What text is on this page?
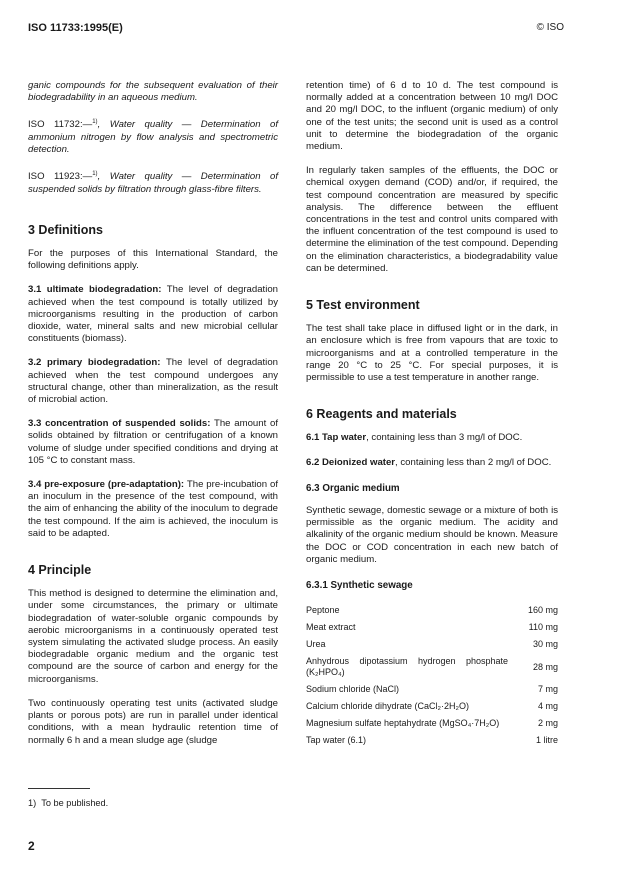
ISO 11733:1995(E)	© ISO

ganic compounds for the subsequent evaluation of their biodegradability in an aqueous medium.

ISO 11732:—$^{1)}$, Water quality — Determination of ammonium nitrogen by flow analysis and spectrometric detection.

ISO 11923:—$^{1)}$, Water quality — Determination of suspended solids by filtration through glass-fibre filters.

3 Definitions

For the purposes of this International Standard, the following definitions apply.

3.1 ultimate biodegradation: The level of degradation achieved when the test compound is totally utilized by microorganisms resulting in the production of carbon dioxide, water, mineral salts and new microbial cellular constituents (biomass).

3.2 primary biodegradation: The level of degradation achieved when the test compound undergoes any structural change, other than mineralization, as the result of microbial action.

3.3 concentration of suspended solids: The amount of solids obtained by filtration or centrifugation of a known volume of sludge under specified conditions and drying at 105 °C to constant mass.

3.4 pre-exposure (pre-adaptation): The pre-incubation of an inoculum in the presence of the test compound, with the aim of enhancing the ability of the inoculum to degrade the test compound. If the aim is achieved, the inoculum is said to be adapted.

4 Principle

This method is designed to determine the elimination and, under some circumstances, the primary or ultimate biodegradation of water-soluble organic compounds by aerobic microorganisms in a continuously operated test system simulating the activated sludge process. An easily biodegradable organic medium and the organic test compound are the source of carbon and energy for the microorganisms.

Two continuously operating test units (activated sludge plants or porous pots) are run in parallel under identical conditions, with a mean hydraulic retention time of normally 6 h and a mean sludge age (sludge

retention time) of 6 d to 10 d. The test compound is normally added at a concentration between 10 mg/l DOC and 20 mg/l DOC, to the influent (organic medium) of only one of the test units; the second unit is used as a control unit to determine the biodegradation of the organic medium.

In regularly taken samples of the effluents, the DOC or chemical oxygen demand (COD) and/or, if required, the test compound concentration are measured by specific analysis. The difference between the effluent concentrations in the test and control units compared with the influent concentration of the test compound is used to determine the elimination of the test compound. Depending on the elimination characteristics, a biodegradability value can be determined.

5 Test environment

The test shall take place in diffused light or in the dark, in an enclosure which is free from vapours that are toxic to microorganisms and at a controlled temperature in the range 20 °C to 25 °C. For special purposes, it is permissible to use a test temperature in another range.

6 Reagents and materials

6.1 Tap water, containing less than 3 mg/l of DOC.

6.2 Deionized water, containing less than 2 mg/l of DOC.

6.3 Organic medium

Synthetic sewage, domestic sewage or a mixture of both is permissible as the organic medium. The acidity and alkalinity of the organic medium should be known. Measure the DOC or COD concentration in each new batch of organic medium.

6.3.1 Synthetic sewage
Peptone	160 mg
Meat extract	110 mg
Urea	30 mg
Anhydrous dipotassium hydrogen phosphate (K₂HPO₄)	28 mg
Sodium chloride (NaCl)	7 mg
Calcium chloride dihydrate (CaCl₂·2H₂O)	4 mg
Magnesium sulfate heptahydrate (MgSO₄·7H₂O)	2 mg
Tap water (6.1)	1 litre
1) To be published.
2
